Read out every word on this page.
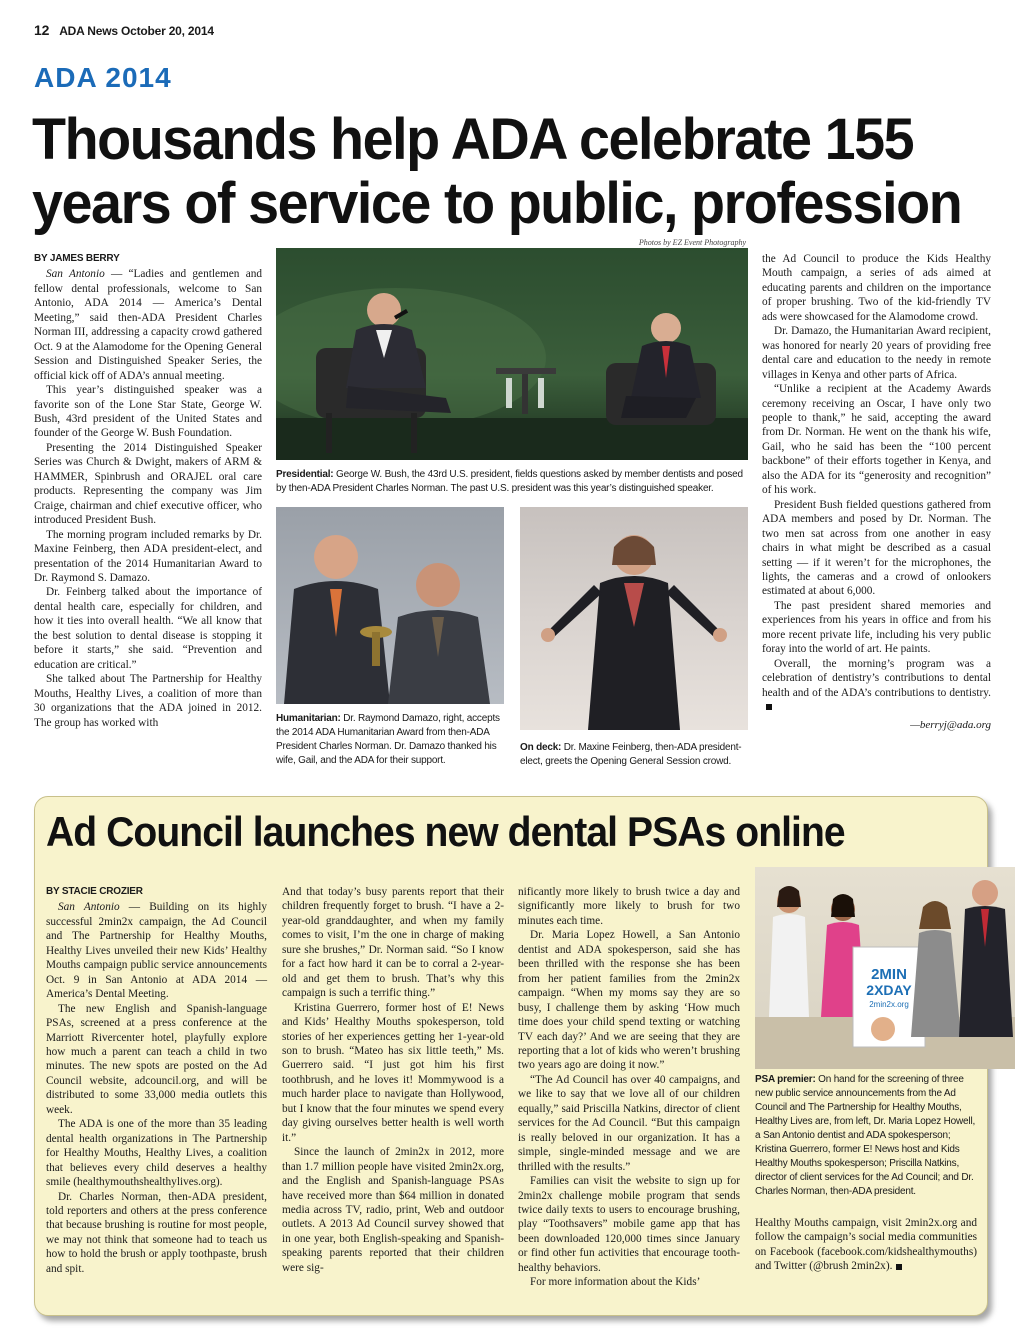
12 ADA News October 20, 2014
ADA 2014
Thousands help ADA celebrate 155 years of service to public, profession
Photos by EZ Event Photography
BY JAMES BERRY

San Antonio — “Ladies and gentlemen and fellow dental professionals, welcome to San Antonio, ADA 2014 — America’s Dental Meeting,” said then-ADA President Charles Norman III, addressing a capacity crowd gathered Oct. 9 at the Alamodome for the Opening General Session and Distinguished Speaker Series, the official kick off of ADA’s annual meeting.

This year’s distinguished speaker was a favorite son of the Lone Star State, George W. Bush, 43rd president of the United States and founder of the George W. Bush Foundation.

Presenting the 2014 Distinguished Speaker Series was Church & Dwight, makers of ARM & HAMMER, Spinbrush and ORAJEL oral care products. Representing the company was Jim Craige, chairman and chief executive officer, who introduced President Bush.

The morning program included remarks by Dr. Maxine Feinberg, then ADA president-elect, and presentation of the 2014 Humanitarian Award to Dr. Raymond S. Damazo.

Dr. Feinberg talked about the importance of dental health care, especially for children, and how it ties into overall health. “We all know that the best solution to dental disease is stopping it before it starts,” she said. “Prevention and education are critical.”

She talked about The Partnership for Healthy Mouths, Healthy Lives, a coalition of more than 30 organizations that the ADA joined in 2012. The group has worked with

Presidential: George W. Bush, the 43rd U.S. president, fields questions asked by member dentists and posed by then-ADA President Charles Norman. The past U.S. president was this year’s distinguished speaker.
Humanitarian: Dr. Raymond Damazo, right, accepts the 2014 ADA Humanitarian Award from then-ADA President Charles Norman. Dr. Damazo thanked his wife, Gail, and the ADA for their support.
On deck: Dr. Maxine Feinberg, then-ADA president-elect, greets the Opening General Session crowd.

the Ad Council to produce the Kids Healthy Mouth campaign, a series of ads aimed at educating parents and children on the importance of proper brushing. Two of the kid-friendly TV ads were showcased for the Alamodome crowd.

Dr. Damazo, the Humanitarian Award recipient, was honored for nearly 20 years of providing free dental care and education to the needy in remote villages in Kenya and other parts of Africa.

“Unlike a recipient at the Academy Awards ceremony receiving an Oscar, I have only two people to thank,” he said, accepting the award from Dr. Norman. He went on the thank his wife, Gail, who he said has been the “100 percent backbone” of their efforts together in Kenya, and also the ADA for its “generosity and recognition” of his work.

President Bush fielded questions gathered from ADA members and posed by Dr. Norman. The two men sat across from one another in easy chairs in what might be described as a casual setting — if it weren’t for the microphones, the lights, the cameras and a crowd of onlookers estimated at about 6,000.

The past president shared memories and experiences from his years in office and from his more recent private life, including his very public foray into the world of art. He paints.

Overall, the morning’s program was a celebration of dentistry’s contributions to dental health and of the ADA’s contributions to dentistry.

—berryj@ada.org
Ad Council launches new dental PSAs online
BY STACIE CROZIER

San Antonio — Building on its highly successful 2min2x campaign, the Ad Council and The Partnership for Healthy Mouths, Healthy Lives unveiled their new Kids’ Healthy Mouths campaign public service announcements Oct. 9 in San Antonio at ADA 2014 — America’s Dental Meeting.

The new English and Spanish-language PSAs, screened at a press conference at the Marriott Rivercenter hotel, playfully explore how much a parent can teach a child in two minutes. The new spots are posted on the Ad Council website, adcouncil.org, and will be distributed to some 33,000 media outlets this week.

The ADA is one of the more than 35 leading dental health organizations in The Partnership for Healthy Mouths, Healthy Lives, a coalition that believes every child deserves a healthy smile (healthymouthshealthylives.org).

Dr. Charles Norman, then-ADA president, told reporters and others at the press conference that because brushing is routine for most people, we may not think that someone had to teach us how to hold the brush or apply toothpaste, brush and spit.

And that today’s busy parents report that their children frequently forget to brush. “I have a 2-year-old granddaughter, and when my family comes to visit, I’m the one in charge of making sure she brushes,” Dr. Norman said. “So I know for a fact how hard it can be to corral a 2-year-old and get them to brush. That’s why this campaign is such a terrific thing.”

Kristina Guerrero, former host of E! News and Kids’ Healthy Mouths spokesperson, told stories of her experiences getting her 1-year-old son to brush. “Mateo has six little teeth,” Ms. Guerrero said. “I just got him his first toothbrush, and he loves it! Mommywood is a much harder place to navigate than Hollywood, but I know that the four minutes we spend every day giving ourselves better health is well worth it.”

Since the launch of 2min2x in 2012, more than 1.7 million people have visited 2min2x.org, and the English and Spanish-language PSAs have received more than $64 million in donated media across TV, radio, print, Web and outdoor outlets. A 2013 Ad Council survey showed that in one year, both English-speaking and Spanish-speaking parents reported that their children were sig-

nificantly more likely to brush twice a day and significantly more likely to brush for two minutes each time.

Dr. Maria Lopez Howell, a San Antonio dentist and ADA spokesperson, said she has been thrilled with the response she has been from her patient families from the 2min2x campaign. “When my moms say they are so busy, I challenge them by asking ‘How much time does your child spend texting or watching TV each day?’ And we are seeing that they are reporting that a lot of kids who weren’t brushing two years ago are doing it now.”

“The Ad Council has over 40 campaigns, and we like to say that we love all of our children equally,” said Priscilla Natkins, director of client services for the Ad Council. “But this campaign is really beloved in our organization. It has a simple, single-minded message and we are thrilled with the results.”

Families can visit the website to sign up for 2min2x challenge mobile program that sends twice daily texts to users to encourage brushing, play “Toothsavers” mobile game app that has been downloaded 120,000 times since January or find other fun activities that encourage tooth-healthy behaviors.

For more information about the Kids’

2MIN
2XDAY
2min2x.org
PSA premier: On hand for the screening of three new public service announcements from the Ad Council and The Partnership for Healthy Mouths, Healthy Lives are, from left, Dr. Maria Lopez Howell, a San Antonio dentist and ADA spokesperson; Kristina Guerrero, former E! News host and Kids Healthy Mouths spokesperson; Priscilla Natkins, director of client services for the Ad Council; and Dr. Charles Norman, then-ADA president.

Healthy Mouths campaign, visit 2min2x.org and follow the campaign’s social media communities on Facebook (facebook.com/kidshealthymouths) and Twitter (@brush 2min2x).
